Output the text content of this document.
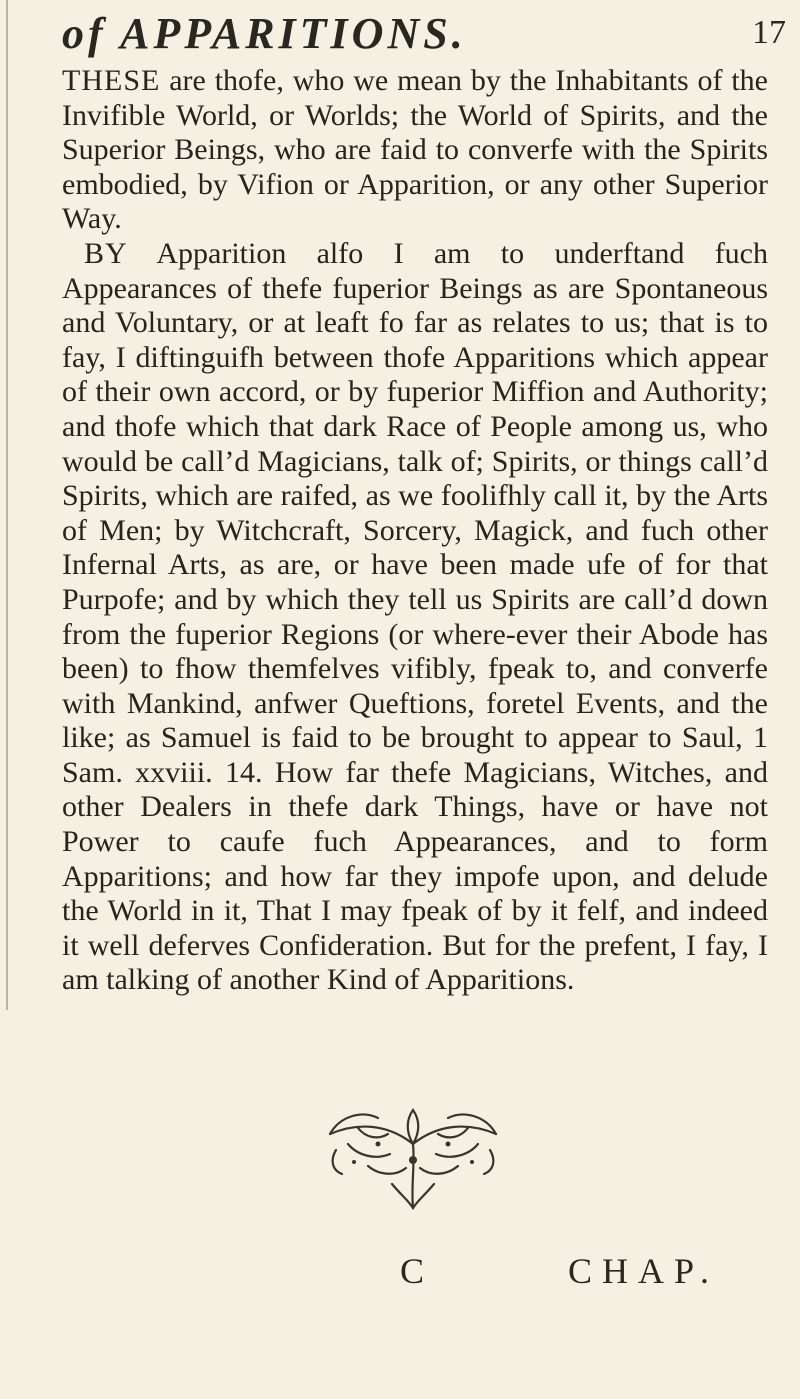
of APPARITIONS.	17

THESE are thofe, who we mean by the Inhabitants of the Invifible World, or Worlds; the World of Spirits, and the Superior Beings, who are faid to converfe with the Spirits embodied, by Vifion or Apparition, or any other Superior Way.

BY Apparition alfo I am to underftand fuch Appearances of thefe fuperior Beings as are Spontaneous and Voluntary, or at leaft fo far as relates to us; that is to fay, I diftinguifh between thofe Apparitions which appear of their own accord, or by fuperior Miffion and Authority; and thofe which that dark Race of People among us, who would be call’d Magicians, talk of; Spirits, or things call’d Spirits, which are raifed, as we foolifhly call it, by the Arts of Men; by Witchcraft, Sorcery, Magick, and fuch other Infernal Arts, as are, or have been made ufe of for that Purpofe; and by which they tell us Spirits are call’d down from the fuperior Regions (or where-ever their Abode has been) to fhow themfelves vifibly, fpeak to, and converfe with Mankind, anfwer Queftions, foretel Events, and the like; as Samuel is faid to be brought to appear to Saul, 1 Sam. xxviii. 14. How far thefe Magicians, Witches, and other Dealers in thefe dark Things, have or have not Power to caufe fuch Appearances, and to form Apparitions; and how far they impofe upon, and delude the World in it, That I may fpeak of by it felf, and indeed it well deferves Confideration. But for the prefent, I fay, I am talking of another Kind of Apparitions.

C	CHAP.
